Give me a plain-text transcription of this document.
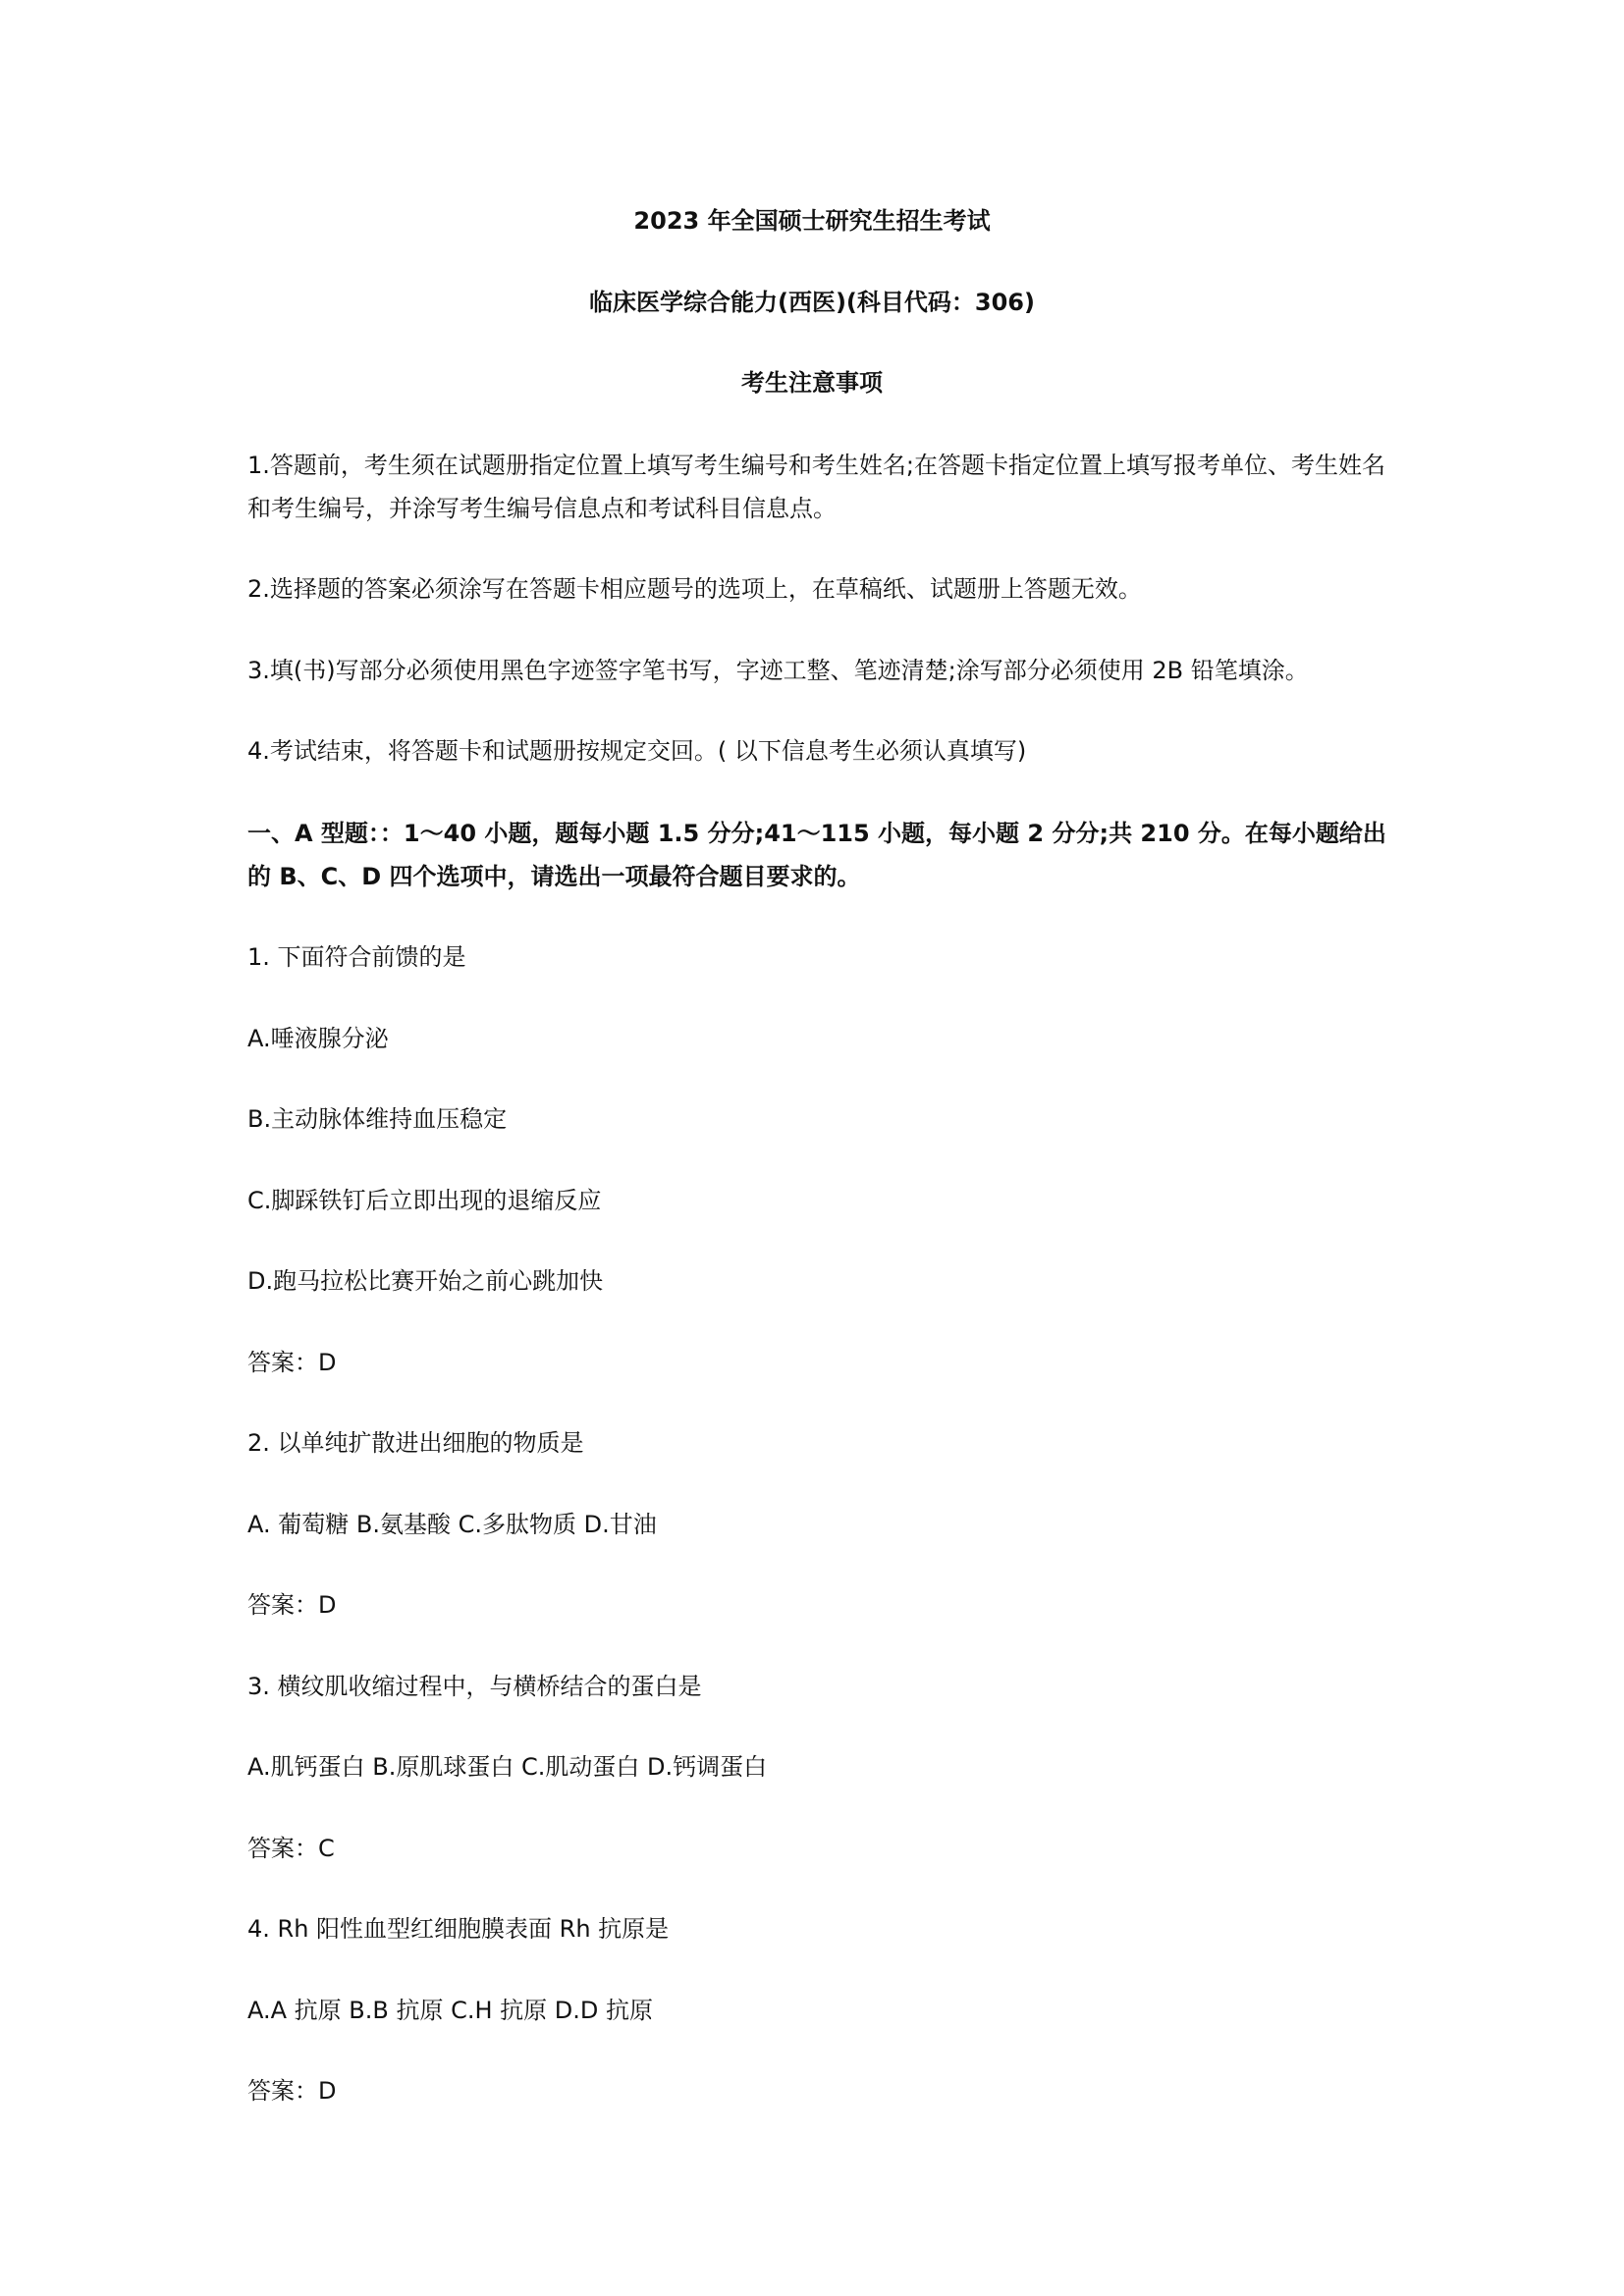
2023 年全国硕士研究生招生考试
临床医学综合能力(西医)(科目代码：306)
考生注意事项
1.答题前，考生须在试题册指定位置上填写考生编号和考生姓名;在答题卡指定位置上填写报考单位、考生姓名和考生编号，并涂写考生编号信息点和考试科目信息点。
2.选择题的答案必须涂写在答题卡相应题号的选项上，在草稿纸、试题册上答题无效。
3.填(书)写部分必须使用黑色字迹签字笔书写，字迹工整、笔迹清楚;涂写部分必须使用 2B 铅笔填涂。
4.考试结束，将答题卡和试题册按规定交回。( 以下信息考生必须认真填写)
一、A 型题：：1～40 小题，题每小题 1.5 分分;41～115 小题，每小题 2 分分;共 210 分。在每小题给出的 B、C、D 四个选项中，请选出一项最符合题目要求的。
1. 下面符合前馈的是
A.唾液腺分泌
B.主动脉体维持血压稳定
C.脚踩铁钉后立即出现的退缩反应
D.跑马拉松比赛开始之前心跳加快
答案：D
2. 以单纯扩散进出细胞的物质是
A. 葡萄糖 B.氨基酸 C.多肽物质 D.甘油
答案：D
3. 横纹肌收缩过程中，与横桥结合的蛋白是
A.肌钙蛋白 B.原肌球蛋白 C.肌动蛋白 D.钙调蛋白
答案：C
4. Rh 阳性血型红细胞膜表面 Rh 抗原是
A.A 抗原 B.B 抗原 C.H 抗原 D.D 抗原
答案：D
